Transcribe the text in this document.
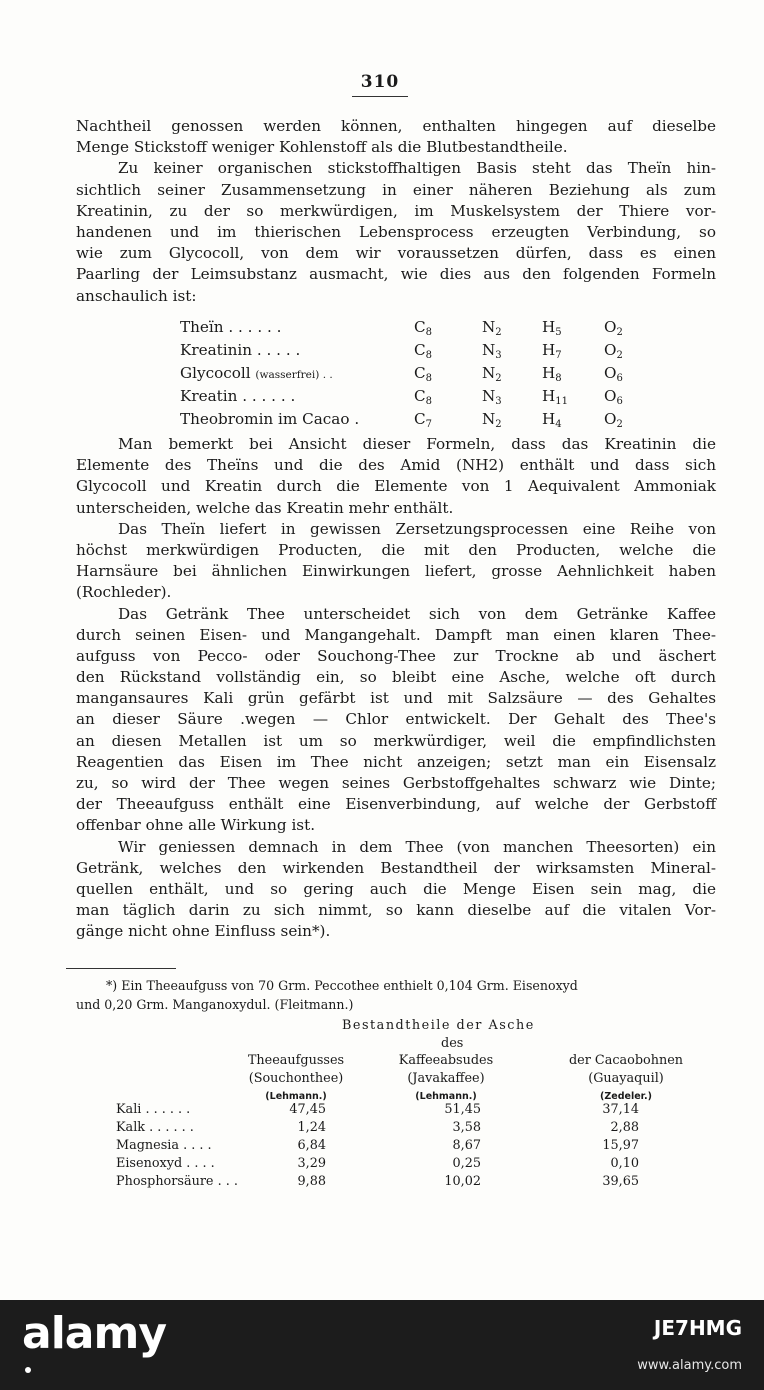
310
Nachtheil genossen werden können, enthalten hingegen auf dieselbe
Menge Stickstoff weniger Kohlenstoff als die Blutbestandtheile.
Zu keiner organischen stickstoffhaltigen Basis steht das Theïn hin-
sichtlich seiner Zusammensetzung in einer näheren Beziehung als zum
Kreatinin, zu der so merkwürdigen, im Muskelsystem der Thiere vor-
handenen und im thierischen Lebensprocess erzeugten Verbindung, so
wie zum Glycocoll, von dem wir voraussetzen dürfen, dass es einen
Paarling der Leimsubstanz ausmacht, wie dies aus den folgenden Formeln
anschaulich ist:
Theïn . . . . . .	$C_8$	$N_2$	$H_5$	$O_2$
Kreatinin . . . . .	$C_8$	$N_3$	$H_7$	$O_2$
Glycocoll (wasserfrei) . .	$C_8$	$N_2$	$H_8$	$O_6$
Kreatin . . . . . .	$C_8$	$N_3$	$H_{11}$ $O_6$
Theobromin im Cacao .	$C_7$	$N_2$	$H_4$	$O_2$
Man bemerkt bei Ansicht dieser Formeln, dass das Kreatinin die
Elemente des Theïns und die des Amid (NH2) enthält und dass sich
Glycocoll und Kreatin durch die Elemente von 1 Aequivalent Ammoniak
unterscheiden, welche das Kreatin mehr enthält.
Das Theïn liefert in gewissen Zersetzungsprocessen eine Reihe von
höchst merkwürdigen Producten, die mit den Producten, welche die
Harnsäure bei ähnlichen Einwirkungen liefert, grosse Aehnlichkeit haben
(Rochleder).
Das Getränk Thee unterscheidet sich von dem Getränke Kaffee
durch seinen Eisen- und Mangangehalt. Dampft man einen klaren Thee-
aufguss von Pecco- oder Souchong-Thee zur Trockne ab und äschert
den Rückstand vollständig ein, so bleibt eine Asche, welche oft durch
mangansaures Kali grün gefärbt ist und mit Salzsäure — des Gehaltes
an dieser Säure .wegen — Chlor entwickelt. Der Gehalt des Thee's
an diesen Metallen ist um so merkwürdiger, weil die empfindlichsten
Reagentien das Eisen im Thee nicht anzeigen; setzt man ein Eisensalz
zu, so wird der Thee wegen seines Gerbstoffgehaltes schwarz wie Dinte;
der Theeaufguss enthält eine Eisenverbindung, auf welche der Gerbstoff
offenbar ohne alle Wirkung ist.
Wir geniessen demnach in dem Thee (von manchen Theesorten) ein
Getränk, welches den wirkenden Bestandtheil der wirksamsten Mineral-
quellen enthält, und so gering auch die Menge Eisen sein mag, die
man täglich darin zu sich nimmt, so kann dieselbe auf die vitalen Vor-
gänge nicht ohne Einfluss sein*).
*) Ein Theeaufguss von 70 Grm. Peccothee enthielt 0,104 Grm. Eisenoxyd
und 0,20 Grm. Manganoxydul. (Fleitmann.)
Bestandtheile der Asche
des
Theeaufgusses
(Souchonthee)
(Lehmann.)
Kaffeeabsudes
(Javakaffee)
(Lehmann.)
der Cacaobohnen
(Guayaquil)
(Zedeler.)
Kali . . . . . .	47,45	51,45	37,14
Kalk . . . . . .	1,24	3,58	2,88
Magnesia . . . .	6,84	8,67	15,97
Eisenoxyd . . . .	3,29	0,25	0,10
Phosphorsäure . . .	9,88	10,02	39,65
alamy	JE7HMG
www.alamy.com
